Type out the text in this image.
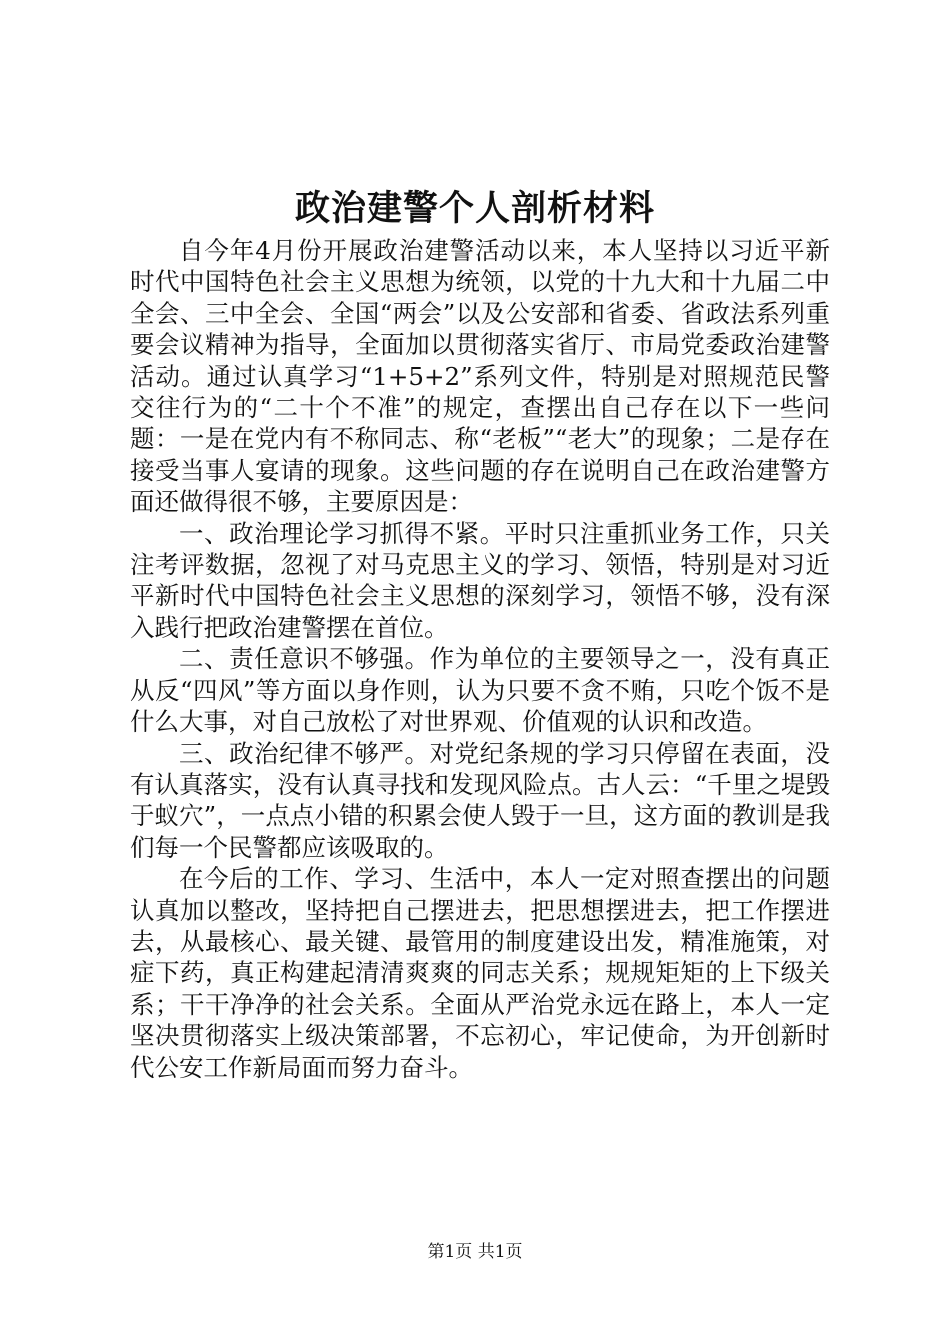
政治建警个人剖析材料

自今年4月份开展政治建警活动以来，本人坚持以习近平新时代中国特色社会主义思想为统领，以党的十九大和十九届二中全会、三中全会、全国“两会”以及公安部和省委、省政法系列重要会议精神为指导，全面加以贯彻落实省厅、市局党委政治建警活动。通过认真学习“1+5+2”系列文件，特别是对照规范民警交往行为的“二十个不准”的规定，查摆出自己存在以下一些问题：一是在党内有不称同志、称“老板”“老大”的现象；二是存在接受当事人宴请的现象。这些问题的存在说明自己在政治建警方面还做得很不够，主要原因是：

一、政治理论学习抓得不紧。平时只注重抓业务工作，只关注考评数据，忽视了对马克思主义的学习、领悟，特别是对习近平新时代中国特色社会主义思想的深刻学习，领悟不够，没有深入践行把政治建警摆在首位。

二、责任意识不够强。作为单位的主要领导之一，没有真正从反“四风”等方面以身作则，认为只要不贪不贿，只吃个饭不是什么大事，对自己放松了对世界观、价值观的认识和改造。

三、政治纪律不够严。对党纪条规的学习只停留在表面，没有认真落实，没有认真寻找和发现风险点。古人云：“千里之堤毁于蚁穴”，一点点小错的积累会使人毁于一旦，这方面的教训是我们每一个民警都应该吸取的。

在今后的工作、学习、生活中，本人一定对照查摆出的问题认真加以整改，坚持把自己摆进去，把思想摆进去，把工作摆进去，从最核心、最关键、最管用的制度建设出发，精准施策，对症下药，真正构建起清清爽爽的同志关系；规规矩矩的上下级关系；干干净净的社会关系。全面从严治党永远在路上，本人一定坚决贯彻落实上级决策部署，不忘初心，牢记使命，为开创新时代公安工作新局面而努力奋斗。

第1页 共1页
